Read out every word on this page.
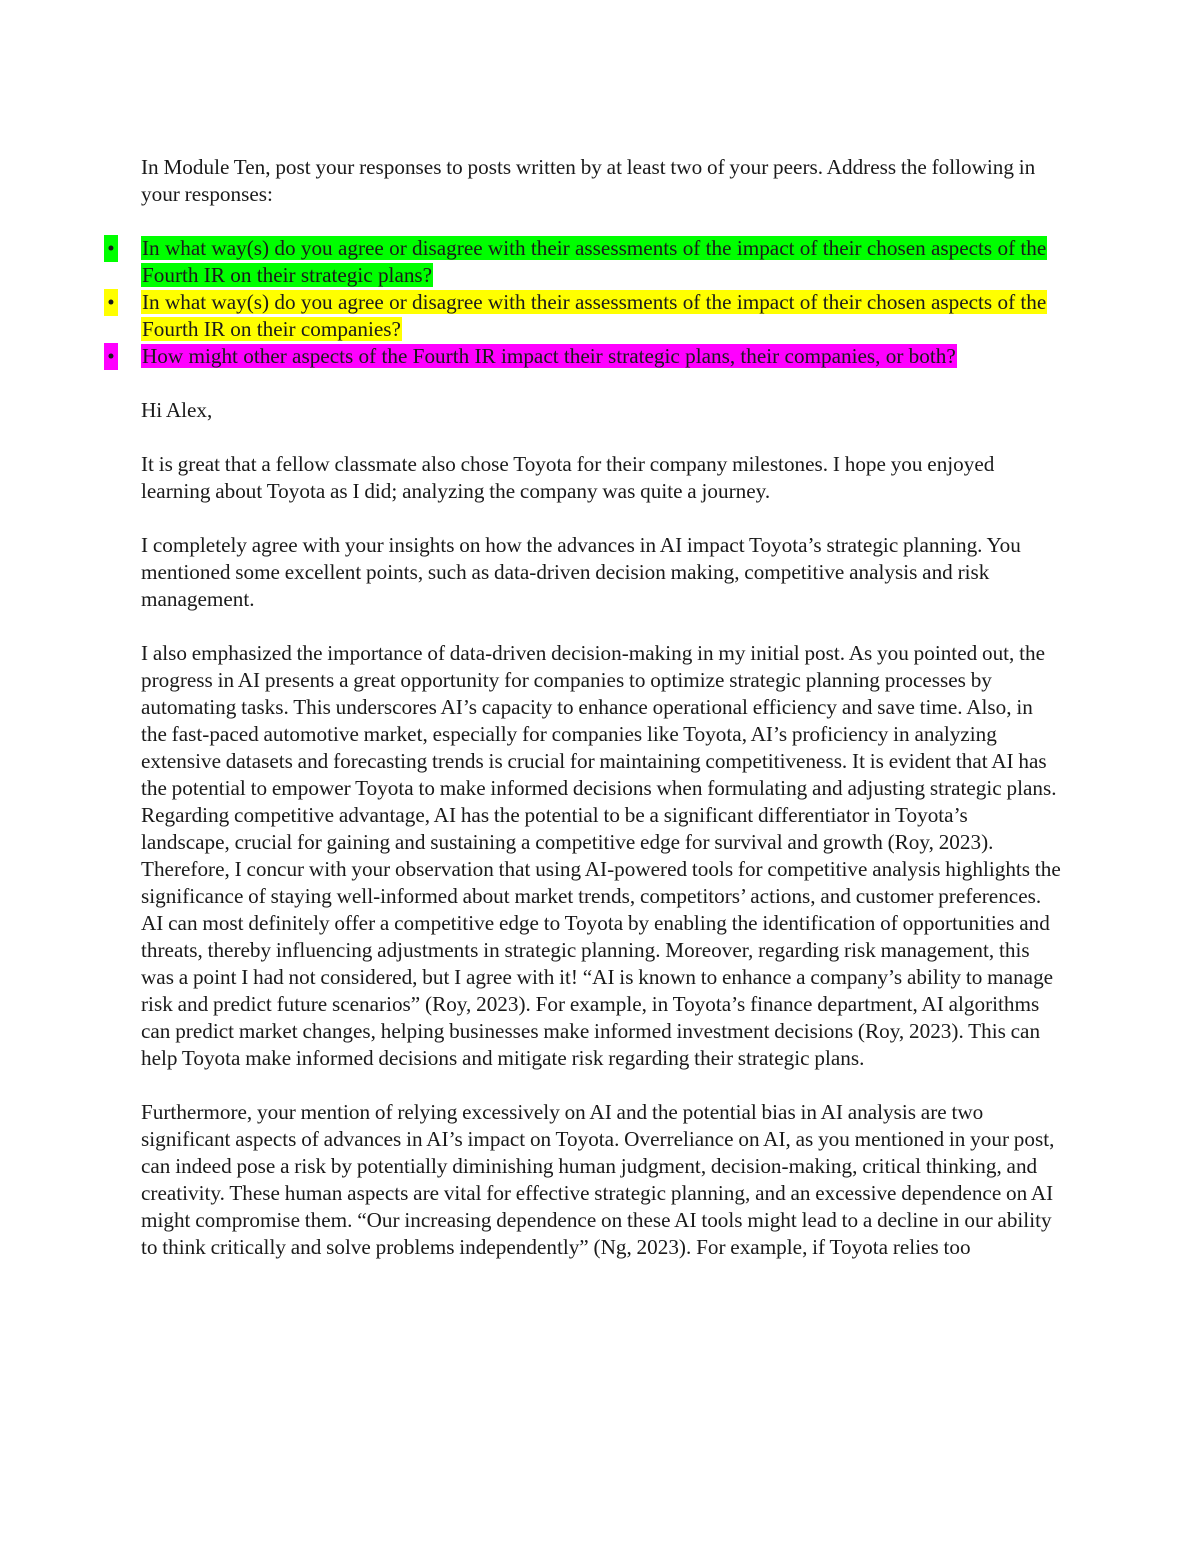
In Module Ten, post your responses to posts written by at least two of your peers. Address the following in your responses:

• In what way(s) do you agree or disagree with their assessments of the impact of their chosen aspects of the Fourth IR on their strategic plans?
• In what way(s) do you agree or disagree with their assessments of the impact of their chosen aspects of the Fourth IR on their companies?
• How might other aspects of the Fourth IR impact their strategic plans, their companies, or both?

Hi Alex,

It is great that a fellow classmate also chose Toyota for their company milestones. I hope you enjoyed learning about Toyota as I did; analyzing the company was quite a journey.

I completely agree with your insights on how the advances in AI impact Toyota’s strategic planning. You mentioned some excellent points, such as data-driven decision making, competitive analysis and risk management.

I also emphasized the importance of data-driven decision-making in my initial post. As you pointed out, the progress in AI presents a great opportunity for companies to optimize strategic planning processes by automating tasks. This underscores AI’s capacity to enhance operational efficiency and save time. Also, in the fast-paced automotive market, especially for companies like Toyota, AI’s proficiency in analyzing extensive datasets and forecasting trends is crucial for maintaining competitiveness. It is evident that AI has the potential to empower Toyota to make informed decisions when formulating and adjusting strategic plans. Regarding competitive advantage, AI has the potential to be a significant differentiator in Toyota’s landscape, crucial for gaining and sustaining a competitive edge for survival and growth (Roy, 2023). Therefore, I concur with your observation that using AI-powered tools for competitive analysis highlights the significance of staying well-informed about market trends, competitors’ actions, and customer preferences. AI can most definitely offer a competitive edge to Toyota by enabling the identification of opportunities and threats, thereby influencing adjustments in strategic planning. Moreover, regarding risk management, this was a point I had not considered, but I agree with it! “AI is known to enhance a company’s ability to manage risk and predict future scenarios” (Roy, 2023). For example, in Toyota’s finance department, AI algorithms can predict market changes, helping businesses make informed investment decisions (Roy, 2023). This can help Toyota make informed decisions and mitigate risk regarding their strategic plans.

Furthermore, your mention of relying excessively on AI and the potential bias in AI analysis are two significant aspects of advances in AI’s impact on Toyota. Overreliance on AI, as you mentioned in your post, can indeed pose a risk by potentially diminishing human judgment, decision-making, critical thinking, and creativity. These human aspects are vital for effective strategic planning, and an excessive dependence on AI might compromise them. “Our increasing dependence on these AI tools might lead to a decline in our ability to think critically and solve problems independently” (Ng, 2023). For example, if Toyota relies too
